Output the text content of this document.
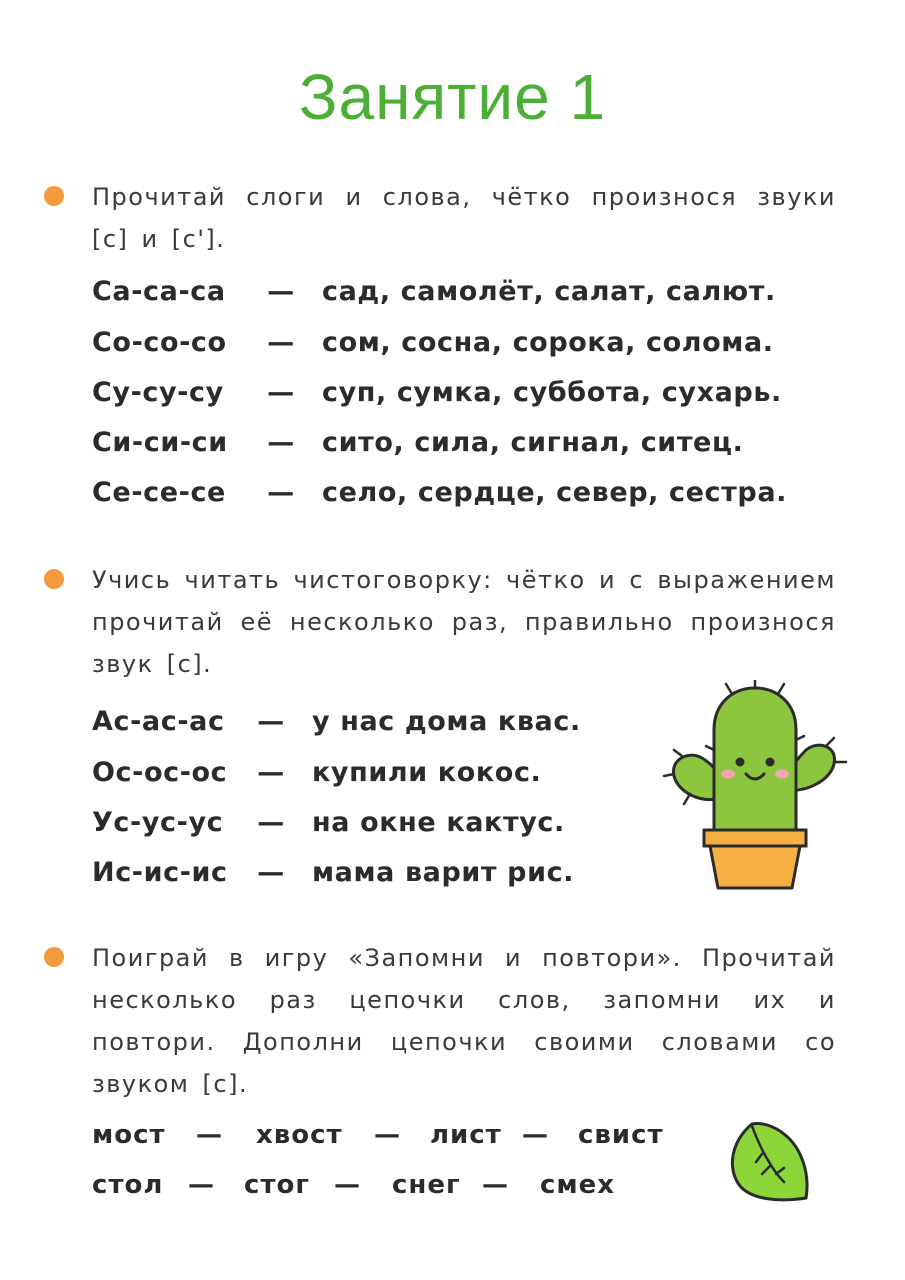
Занятие 1
Прочитай слоги и слова, чётко произнося звуки [с] и [с'].
Са-са-са — сад, самолёт, салат, салют.
Со-со-со — сом, сосна, сорока, солома.
Су-су-су — суп, сумка, суббота, сухарь.
Си-си-си — сито, сила, сигнал, ситец.
Се-се-се — село, сердце, север, сестра.
Учись читать чистоговорку: чётко и с выражением прочитай её несколько раз, правильно произнося звук [с].
Ас-ас-ас — у нас дома квас.
Ос-ос-ос — купили кокос.
Ус-ус-ус — на окне кактус.
Ис-ис-ис — мама варит рис.
Поиграй в игру «Запомни и повтори». Прочитай несколько раз цепочки слов, запомни их и повтори. Дополни цепочки своими словами со звуком [с].
мост — хвост — лист — свист
стол — стог — снег — смех
